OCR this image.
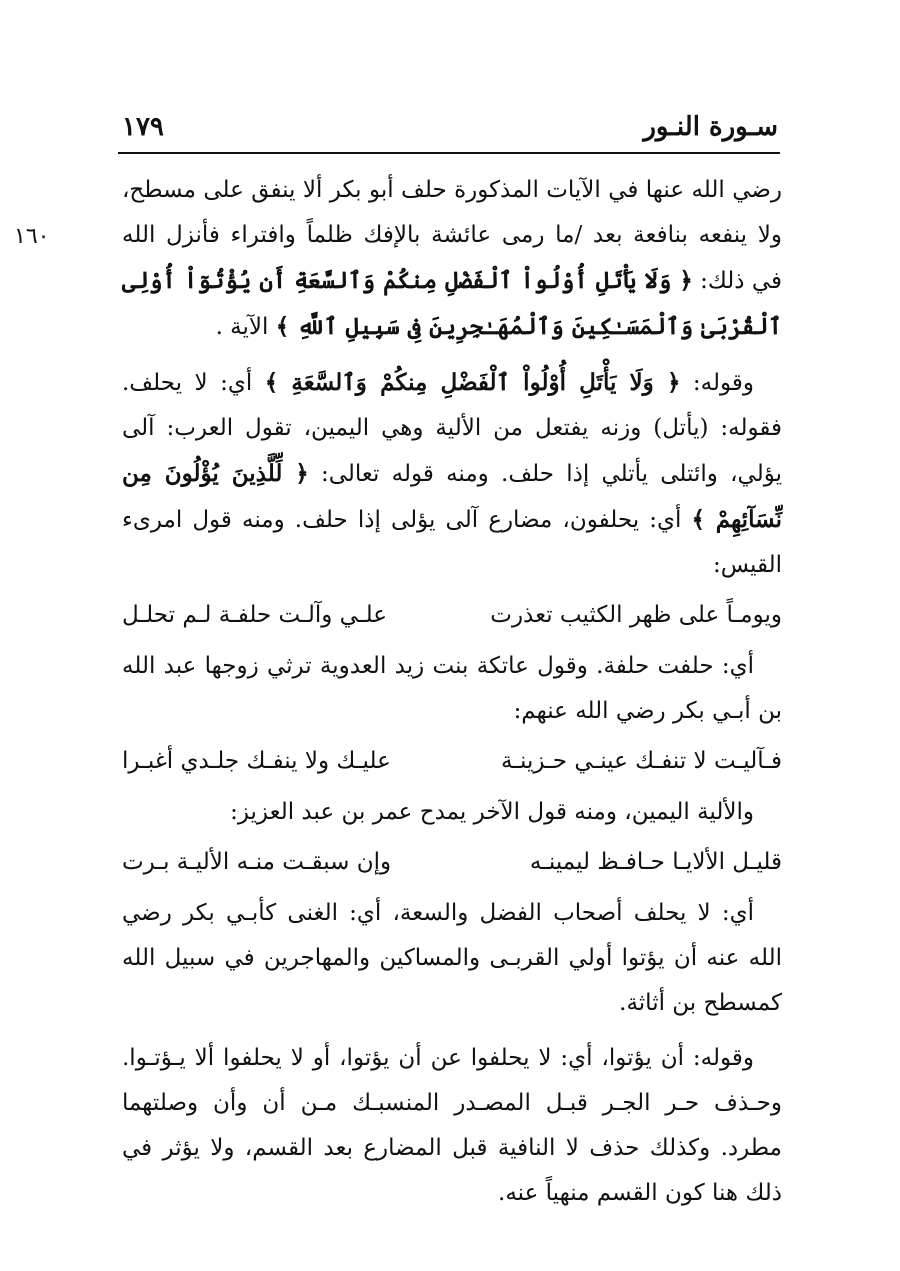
سـورة النـور
١٧٩
١٦٠

رضي الله عنها في الآيات المذكورة حلف أبو بكر ألا ينفق على مسطح، ولا ينفعه بنافعة بعد /ما رمى عائشة بالإفك ظلماً وافتراء فأنزل الله في ذلك: ﴿ وَلَا يَأْتَلِ أُوْلُواْ ٱلْفَضْلِ مِنكُمْ وَٱلسَّعَةِ أَن يُؤْتُوٓاْ أُوْلِى ٱلْقُرْبَىٰ وَٱلْمَسَـٰكِينَ وَٱلْمُهَـٰجِرِينَ فِى سَبِيلِ ٱللَّهِ ﴾ الآية .

وقوله: ﴿ وَلَا يَأْتَلِ أُوْلُواْ ٱلْفَضْلِ مِنكُمْ وَٱلسَّعَةِ ﴾ أي: لا يحلف. فقوله: (يأتل) وزنه يفتعل من الألية وهي اليمين، تقول العرب: آلى يؤلي، وائتلى يأتلي إذا حلف. ومنه قوله تعالى: ﴿ لِّلَّذِينَ يُؤْلُونَ مِن نِّسَآئِهِمْ ﴾ أي: يحلفون، مضارع آلى يؤلى إذا حلف. ومنه قول امرىء القيس:

ويومـاً على ظهر الكثيب تعذرت
علـي وآلـت حلفـة لـم تحلـل

أي: حلفت حلفة. وقول عاتكة بنت زيد العدوية ترثي زوجها عبد الله بن أبـي بكر رضي الله عنهم:

فـآليـت لا تنفـك عينـي حـزينـة
عليـك ولا ينفـك جلـدي أغبـرا

والألية اليمين، ومنه قول الآخر يمدح عمر بن عبد العزيز:

قليـل الألايـا حـافـظ ليمينـه
وإن سبقـت منـه الأليـة بـرت

أي: لا يحلف أصحاب الفضل والسعة، أي: الغنى كأبـي بكر رضي الله عنه أن يؤتوا أولي القربـى والمساكين والمهاجرين في سبيل الله كمسطح بن أثاثة.

وقوله: أن يؤتوا، أي: لا يحلفوا عن أن يؤتوا، أو لا يحلفوا ألا يـؤتـوا. وحـذف حـر الجـر قبـل المصـدر المنسبـك مـن أن وأن وصلتهما مطرد. وكذلك حذف لا النافية قبل المضارع بعد القسم، ولا يؤثر في ذلك هنا كون القسم منهياً عنه.
